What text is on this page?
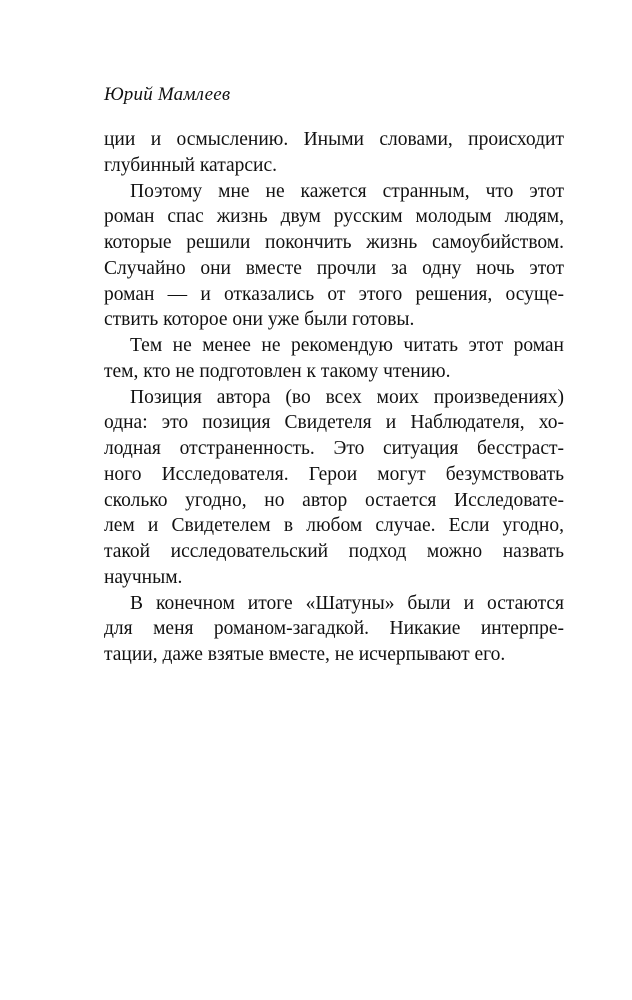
Юрий Мамлеев
ции и осмыслению. Иными словами, происходит
глубинный катарсис.
Поэтому мне не кажется странным, что этот
роман спас жизнь двум русским молодым людям,
которые решили покончить жизнь самоубийством.
Случайно они вместе прочли за одну ночь этот
роман — и отказались от этого решения, осуще-
ствить которое они уже были готовы.
Тем не менее не рекомендую читать этот роман
тем, кто не подготовлен к такому чтению.
Позиция автора (во всех моих произведениях)
одна: это позиция Свидетеля и Наблюдателя, хо-
лодная отстраненность. Это ситуация бесстраст-
ного Исследователя. Герои могут безумствовать
сколько угодно, но автор остается Исследовате-
лем и Свидетелем в любом случае. Если угодно,
такой исследовательский подход можно назвать
научным.
В конечном итоге «Шатуны» были и остаются
для меня романом-загадкой. Никакие интерпре-
тации, даже взятые вместе, не исчерпывают его.
